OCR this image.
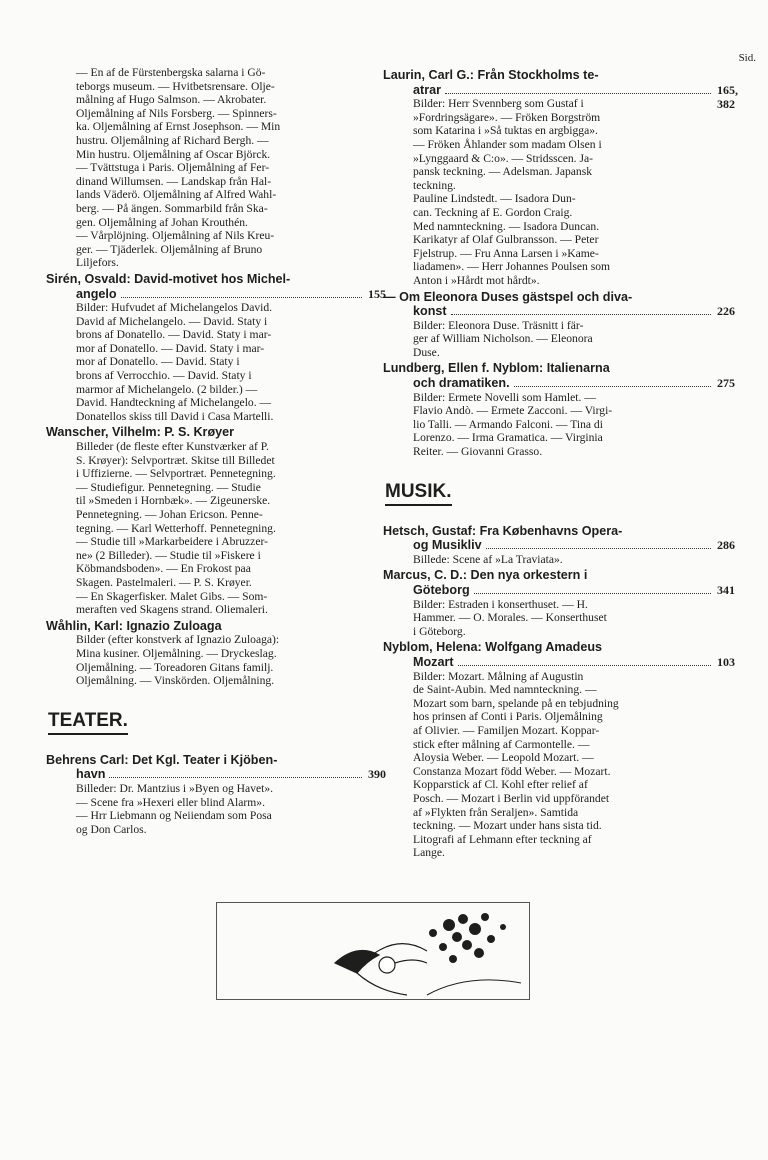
Sid.
— En af de Fürstenbergska salarna i Gö-
teborgs museum. — Hvitbetsrensare. Olje-
målning af Hugo Salmson. — Akrobater.
Oljemålning af Nils Forsberg. — Spinners-
ka. Oljemålning af Ernst Josephson. — Min
hustru. Oljemålning af Richard Bergh. —
Min hustru. Oljemålning af Oscar Björck.
— Tvättstuga i Paris. Oljemålning af Fer-
dinand Willumsen. — Landskap från Hal-
lands Väderö. Oljemålning af Alfred Wahl-
berg. — På ängen. Sommarbild från Ska-
gen. Oljemålning af Johan Krouthén.
— Vårplöjning. Oljemålning af Nils Kreu-
ger. — Tjäderlek. Oljemålning af Bruno
Liljefors.
Sirén, Osvald: David-motivet hos Michel-
angelo	155
Bilder: Hufvudet af Michelangelos David.
David af Michelangelo. — David. Staty i
brons af Donatello. — David. Staty i mar-
mor af Donatello. — David. Staty i mar-
mor af Donatello. — David. Staty i
brons af Verrocchio. — David. Staty i
marmor af Michelangelo. (2 bilder.) —
David. Handteckning af Michelangelo. —
Donatellos skiss till David i Casa Martelli.
Wanscher, Vilhelm: P. S. Krøyer
Billeder (de fleste efter Kunstværker af P.
S. Krøyer): Selvportræt. Skitse till Billedet
i Uffizierne. — Selvportræt. Pennetegning.
— Studiefigur. Pennetegning. — Studie
til »Smeden i Hornbæk». — Zigeunerske.
Pennetegning. — Johan Ericson. Penne-
tegning. — Karl Wetterhoff. Pennetegning.
— Studie till »Markarbeidere i Abruzzer-
ne» (2 Billeder). — Studie til »Fiskere i
Köbmandsboden». — En Frokost paa
Skagen. Pastelmaleri. — P. S. Krøyer.
— En Skagerfisker. Malet Gibs. — Som-
meraften ved Skagens strand. Oliemaleri.
Wåhlin, Karl: Ignazio Zuloaga
Bilder (efter konstverk af Ignazio Zuloaga):
Mina kusiner. Oljemålning. — Dryckeslag.
Oljemålning. — Toreadoren Gitans familj.
Oljemålning. — Vinskörden. Oljemålning.
TEATER.
Behrens Carl: Det Kgl. Teater i Kjöben-
havn	390
Billeder: Dr. Mantzius i »Byen og Havet».
— Scene fra »Hexeri eller blind Alarm».
— Hrr Liebmann og Neiiendam som Posa
og Don Carlos.
Laurin, Carl G.: Från Stockholms te-
atrar	165, 382
Bilder: Herr Svennberg som Gustaf i
»Fordringsägare». — Fröken Borgström
som Katarina i »Så tuktas en argbigga».
— Fröken Åhlander som madam Olsen i
»Lynggaard & C:o». — Stridsscen. Ja-
pansk teckning. — Adelsman. Japansk
teckning.
Pauline Lindstedt. — Isadora Dun-
can. Teckning af E. Gordon Craig.
Med namnteckning. — Isadora Duncan.
Karikatyr af Olaf Gulbransson. — Peter
Fjelstrup. — Fru Anna Larsen i »Kame-
liadamen». — Herr Johannes Poulsen som
Anton i »Hårdt mot hårdt».
— Om Eleonora Duses gästspel och diva-
konst	226
Bilder: Eleonora Duse. Träsnitt i fär-
ger af William Nicholson. — Eleonora
Duse.
Lundberg, Ellen f. Nyblom: Italienarna
och dramatiken.	275
Bilder: Ermete Novelli som Hamlet. —
Flavio Andò. — Ermete Zacconi. — Virgi-
lio Talli. — Armando Falconi. — Tina di
Lorenzo. — Irma Gramatica. — Virginia
Reiter. — Giovanni Grasso.
MUSIK.
Hetsch, Gustaf: Fra Københavns Opera-
og Musikliv	286
Billede: Scene af »La Traviata».
Marcus, C. D.: Den nya orkestern i
Göteborg	341
Bilder: Estraden i konserthuset. — H.
Hammer. — O. Morales. — Konserthuset
i Göteborg.
Nyblom, Helena: Wolfgang Amadeus
Mozart	103
Bilder: Mozart. Målning af Augustin
de Saint-Aubin. Med namnteckning. —
Mozart som barn, spelande på en tebjudning
hos prinsen af Conti i Paris. Oljemålning
af Olivier. — Familjen Mozart. Koppar-
stick efter målning af Carmontelle. —
Aloysia Weber. — Leopold Mozart. —
Constanza Mozart född Weber. — Mozart.
Kopparstick af Cl. Kohl efter relief af
Posch. — Mozart i Berlin vid uppförandet
af »Flykten från Seraljen». Samtida
teckning. — Mozart under hans sista tid.
Litografi af Lehmann efter teckning af
Lange.
